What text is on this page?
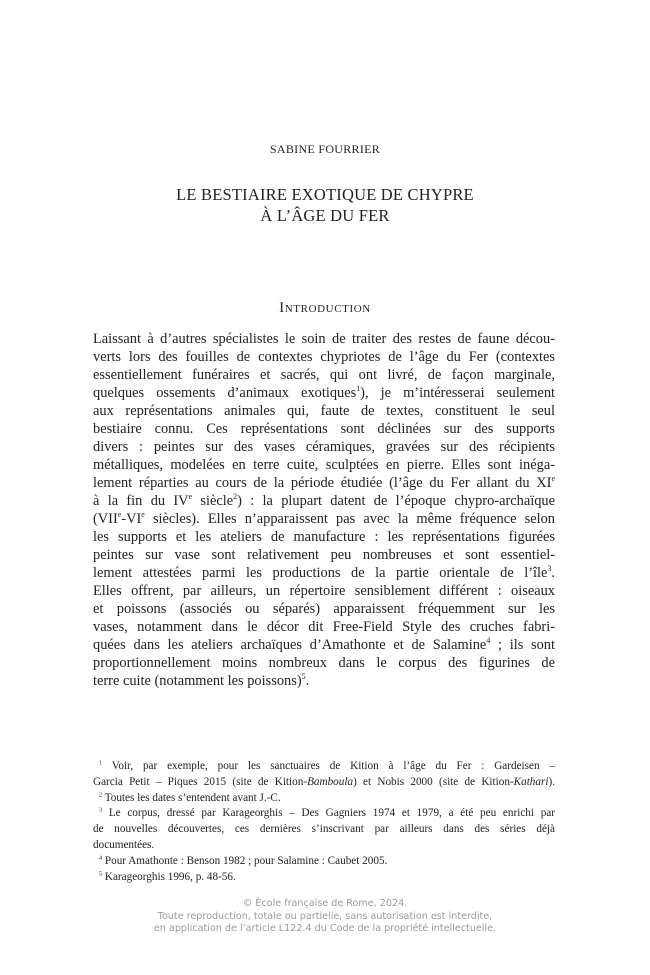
SABINE FOURRIER
LE BESTIAIRE EXOTIQUE DE CHYPRE
À L’ÂGE DU FER
Introduction
Laissant à d’autres spécialistes le soin de traiter des restes de faune décou-
verts lors des fouilles de contextes chypriotes de l’âge du Fer (contextes
essentiellement funéraires et sacrés, qui ont livré, de façon marginale,
quelques ossements d’animaux exotiques$^1$), je m’intéresserai seulement
aux représentations animales qui, faute de textes, constituent le seul
bestiaire connu. Ces représentations sont déclinées sur des supports
divers : peintes sur des vases céramiques, gravées sur des récipients
métalliques, modelées en terre cuite, sculptées en pierre. Elles sont inéga-
lement réparties au cours de la période étudiée (l’âge du Fer allant du XIe
à la fin du IVe siècle$^2$) : la plupart datent de l’époque chypro-archaïque
(VIIe-VIe siècles). Elles n’apparaissent pas avec la même fréquence selon
les supports et les ateliers de manufacture : les représentations figurées
peintes sur vase sont relativement peu nombreuses et sont essentiel-
lement attestées parmi les productions de la partie orientale de l’île$^3$.
Elles offrent, par ailleurs, un répertoire sensiblement différent : oiseaux
et poissons (associés ou séparés) apparaissent fréquemment sur les
vases, notamment dans le décor dit Free-Field Style des cruches fabri-
quées dans les ateliers archaïques d’Amathonte et de Salamine$^4$ ; ils sont
proportionnellement moins nombreux dans le corpus des figurines de
terre cuite (notamment les poissons)$^5$.
$^1$ Voir, par exemple, pour les sanctuaires de Kition à l’âge du Fer : Gardeisen –
Garcia Petit – Piques 2015 (site de Kition-Bamboula) et Nobis 2000 (site de Kition-Kathari).
$^2$ Toutes les dates s’entendent avant J.-C.
$^3$ Le corpus, dressé par Karageorghis – Des Gagniers 1974 et 1979, a été peu enrichi par
de nouvelles découvertes, ces dernières s’inscrivant par ailleurs dans des séries déjà
documentées.
$^4$ Pour Amathonte : Benson 1982 ; pour Salamine : Caubet 2005.
$^5$ Karageorghis 1996, p. 48-56.
© École française de Rome, 2024.
Toute reproduction, totale ou partielle, sans autorisation est interdite,
en application de l’article L122.4 du Code de la propriété intellectuelle.
